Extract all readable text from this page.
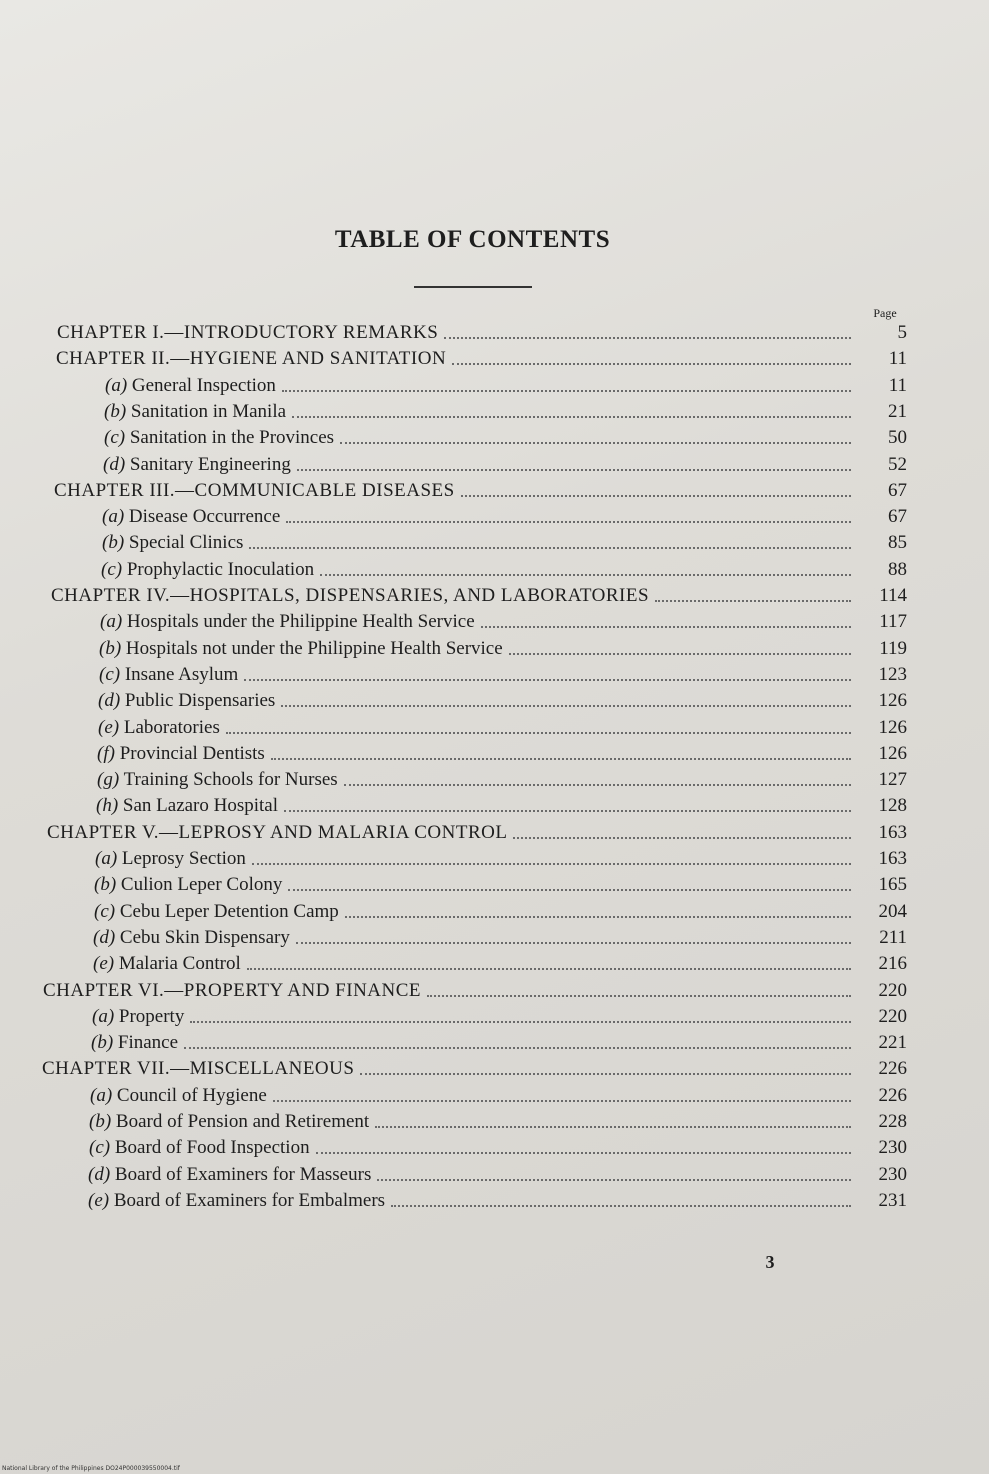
TABLE OF CONTENTS
Page
CHAPTER I.—INTRODUCTORY REMARKS	5
CHAPTER II.—HYGIENE AND SANITATION	11
(a) General Inspection	11
(b) Sanitation in Manila	21
(c) Sanitation in the Provinces	50
(d) Sanitary Engineering	52
CHAPTER III.—COMMUNICABLE DISEASES	67
(a) Disease Occurrence	67
(b) Special Clinics	85
(c) Prophylactic Inoculation	88
CHAPTER IV.—HOSPITALS, DISPENSARIES, AND LABORATORIES	114
(a) Hospitals under the Philippine Health Service	117
(b) Hospitals not under the Philippine Health Service	119
(c) Insane Asylum	123
(d) Public Dispensaries	126
(e) Laboratories	126
(f) Provincial Dentists	126
(g) Training Schools for Nurses	127
(h) San Lazaro Hospital	128
CHAPTER V.—LEPROSY AND MALARIA CONTROL	163
(a) Leprosy Section	163
(b) Culion Leper Colony	165
(c) Cebu Leper Detention Camp	204
(d) Cebu Skin Dispensary	211
(e) Malaria Control	216
CHAPTER VI.—PROPERTY AND FINANCE	220
(a) Property	220
(b) Finance	221
CHAPTER VII.—MISCELLANEOUS	226
(a) Council of Hygiene	226
(b) Board of Pension and Retirement	228
(c) Board of Food Inspection	230
(d) Board of Examiners for Masseurs	230
(e) Board of Examiners for Embalmers	231
3
National Library of the Philippines DO24P000039550004.tif
